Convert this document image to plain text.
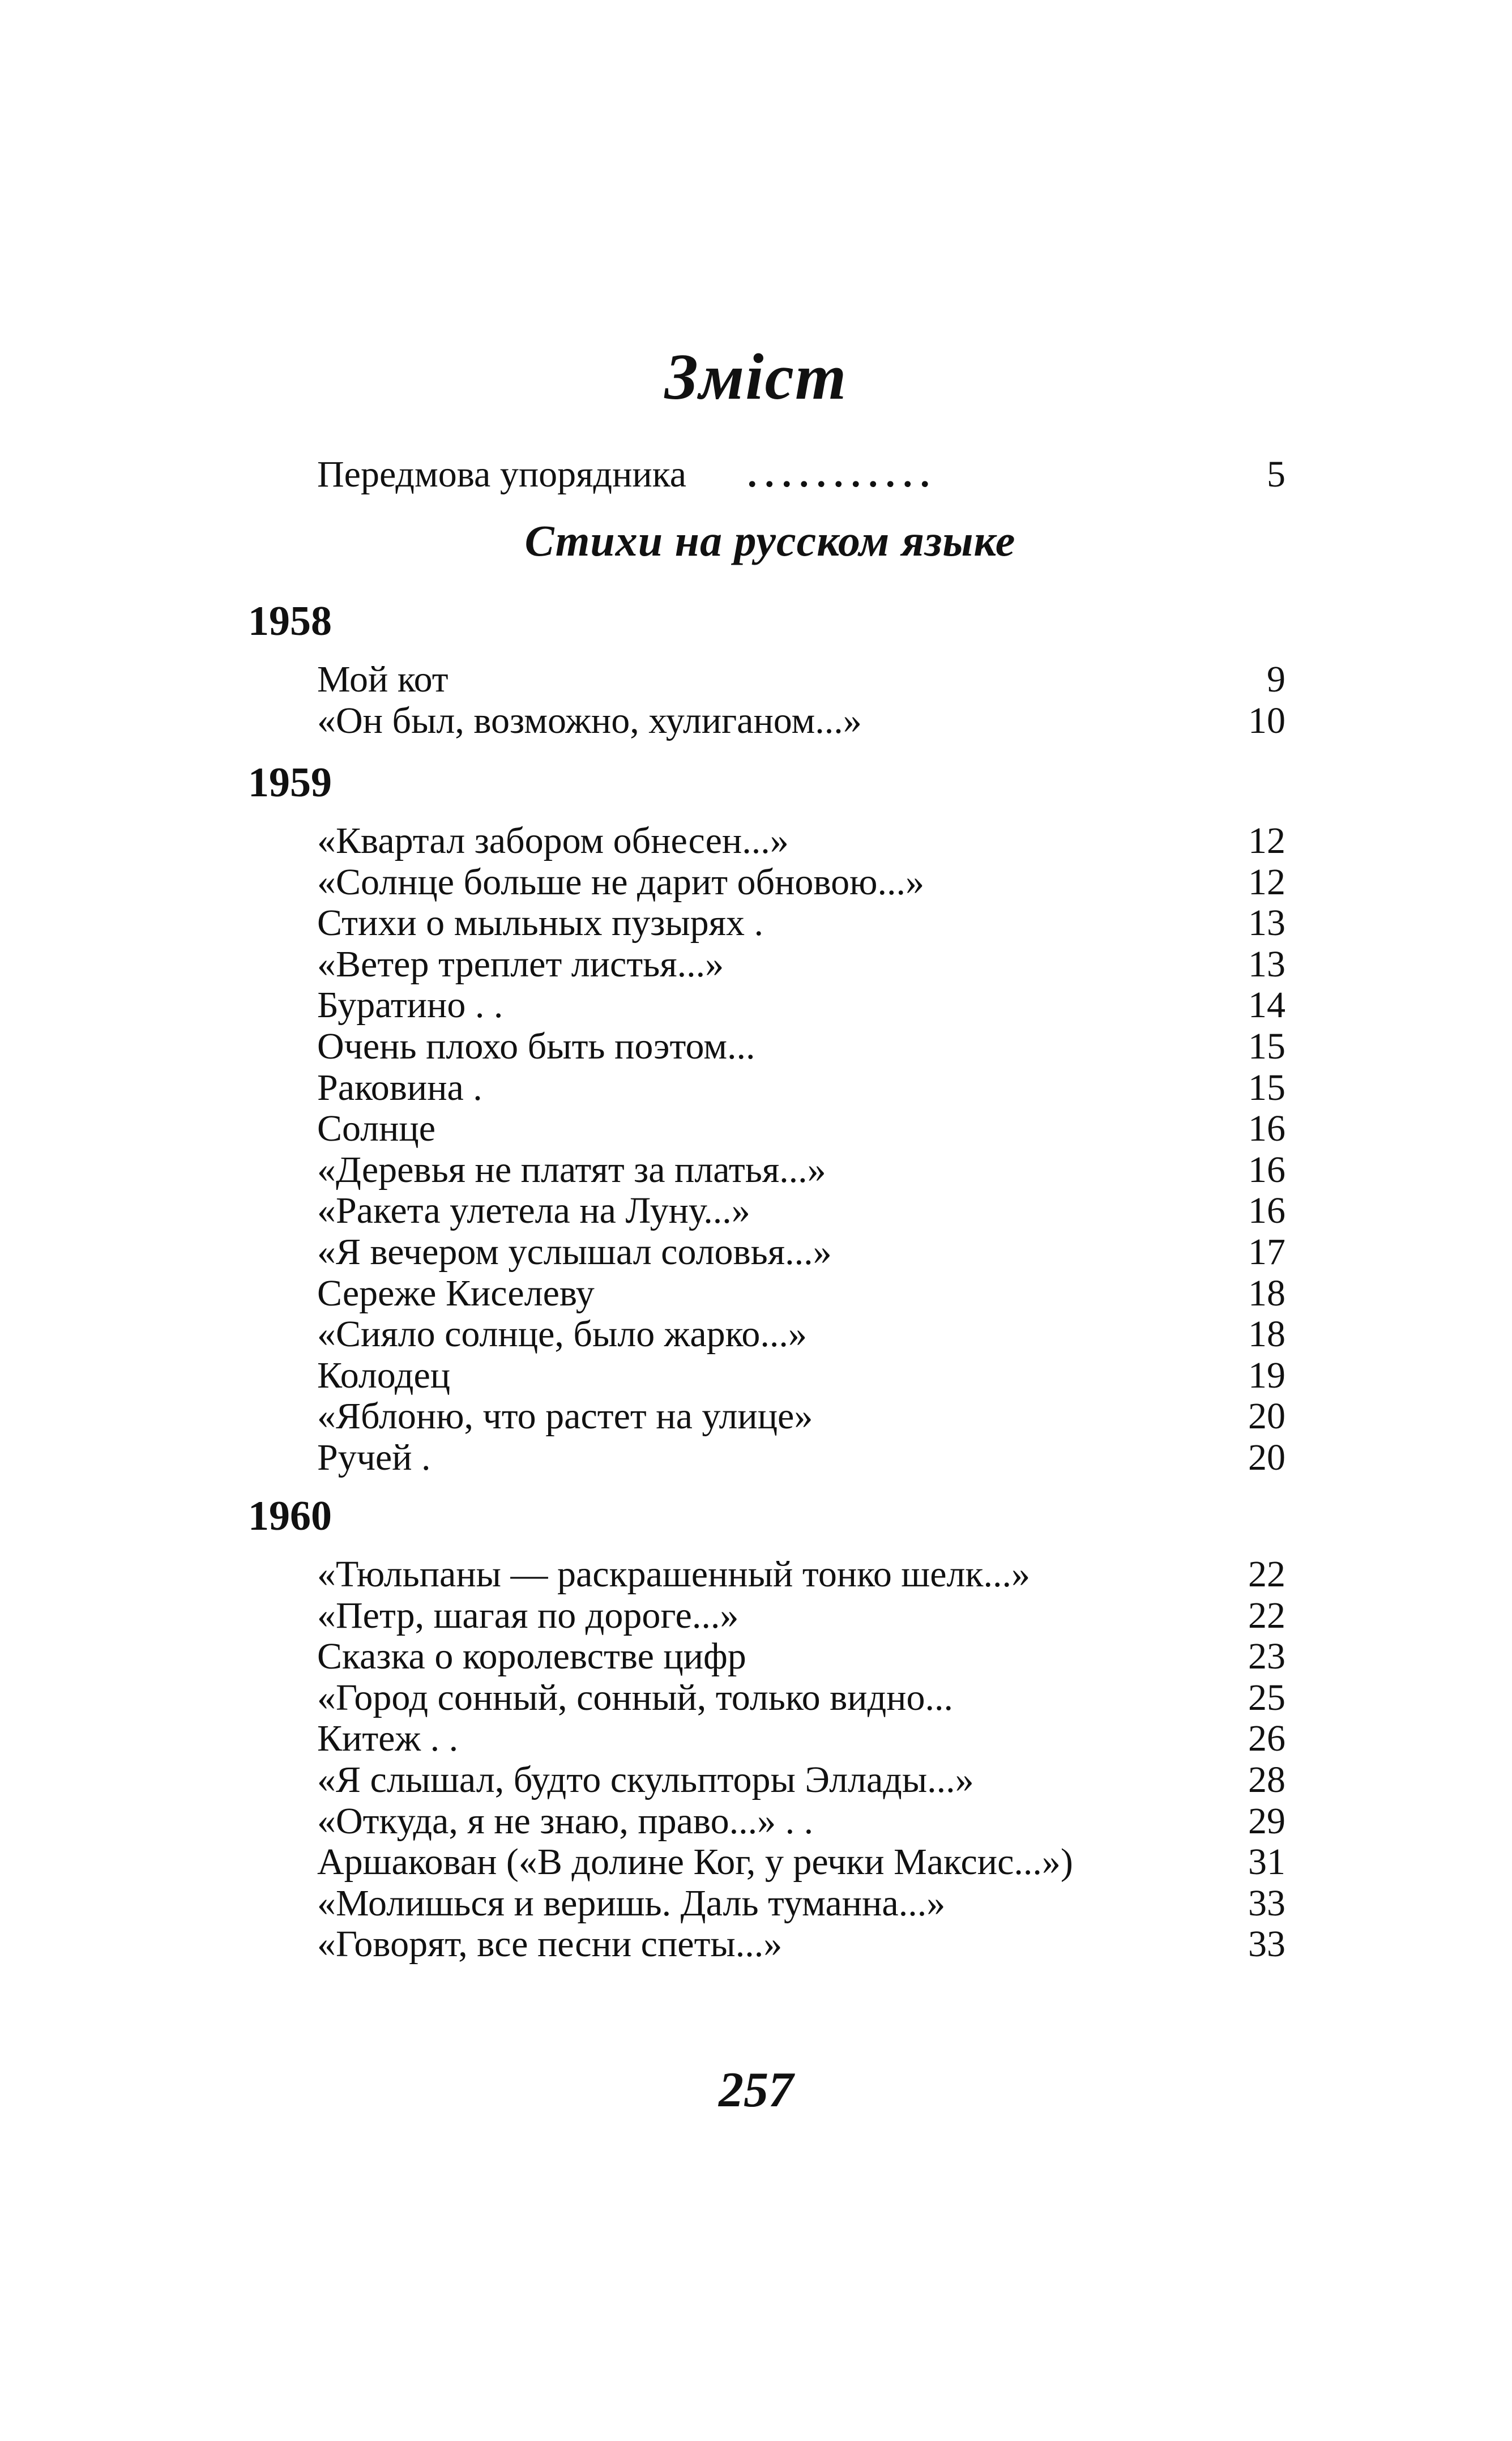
Зміст
Передмова упорядника ...........	5
Стихи на русском языке
1958
Мой кот	9
«Он был, возможно, хулиганом...»	10
1959
«Квартал забором обнесен...»	12
«Солнце больше не дарит обновою...»	12
Стихи о мыльных пузырях .	13
«Ветер треплет листья...»	13
Буратино . .	14
Очень плохо быть поэтом...	15
Раковина .	15
Солнце	16
«Деревья не платят за платья...»	16
«Ракета улетела на Луну...»	16
«Я вечером услышал соловья...»	17
Сереже Киселеву	18
«Сияло солнце, было жарко...»	18
Колодец	19
«Яблоню, что растет на улице»	20
Ручей .	20
1960
«Тюльпаны — раскрашенный тонко шелк...»	22
«Петр, шагая по дороге...»	22
Сказка о королевстве цифр	23
«Город сонный, сонный, только видно...	25
Китеж . .	26
«Я слышал, будто скульпторы Эллады...»	28
«Откуда, я не знаю, право...» . .	29
Аршакован («В долине Ког, у речки Максис...»)	31
«Молишься и веришь. Даль туманна...»	33
«Говорят, все песни спеты...»	33
257
